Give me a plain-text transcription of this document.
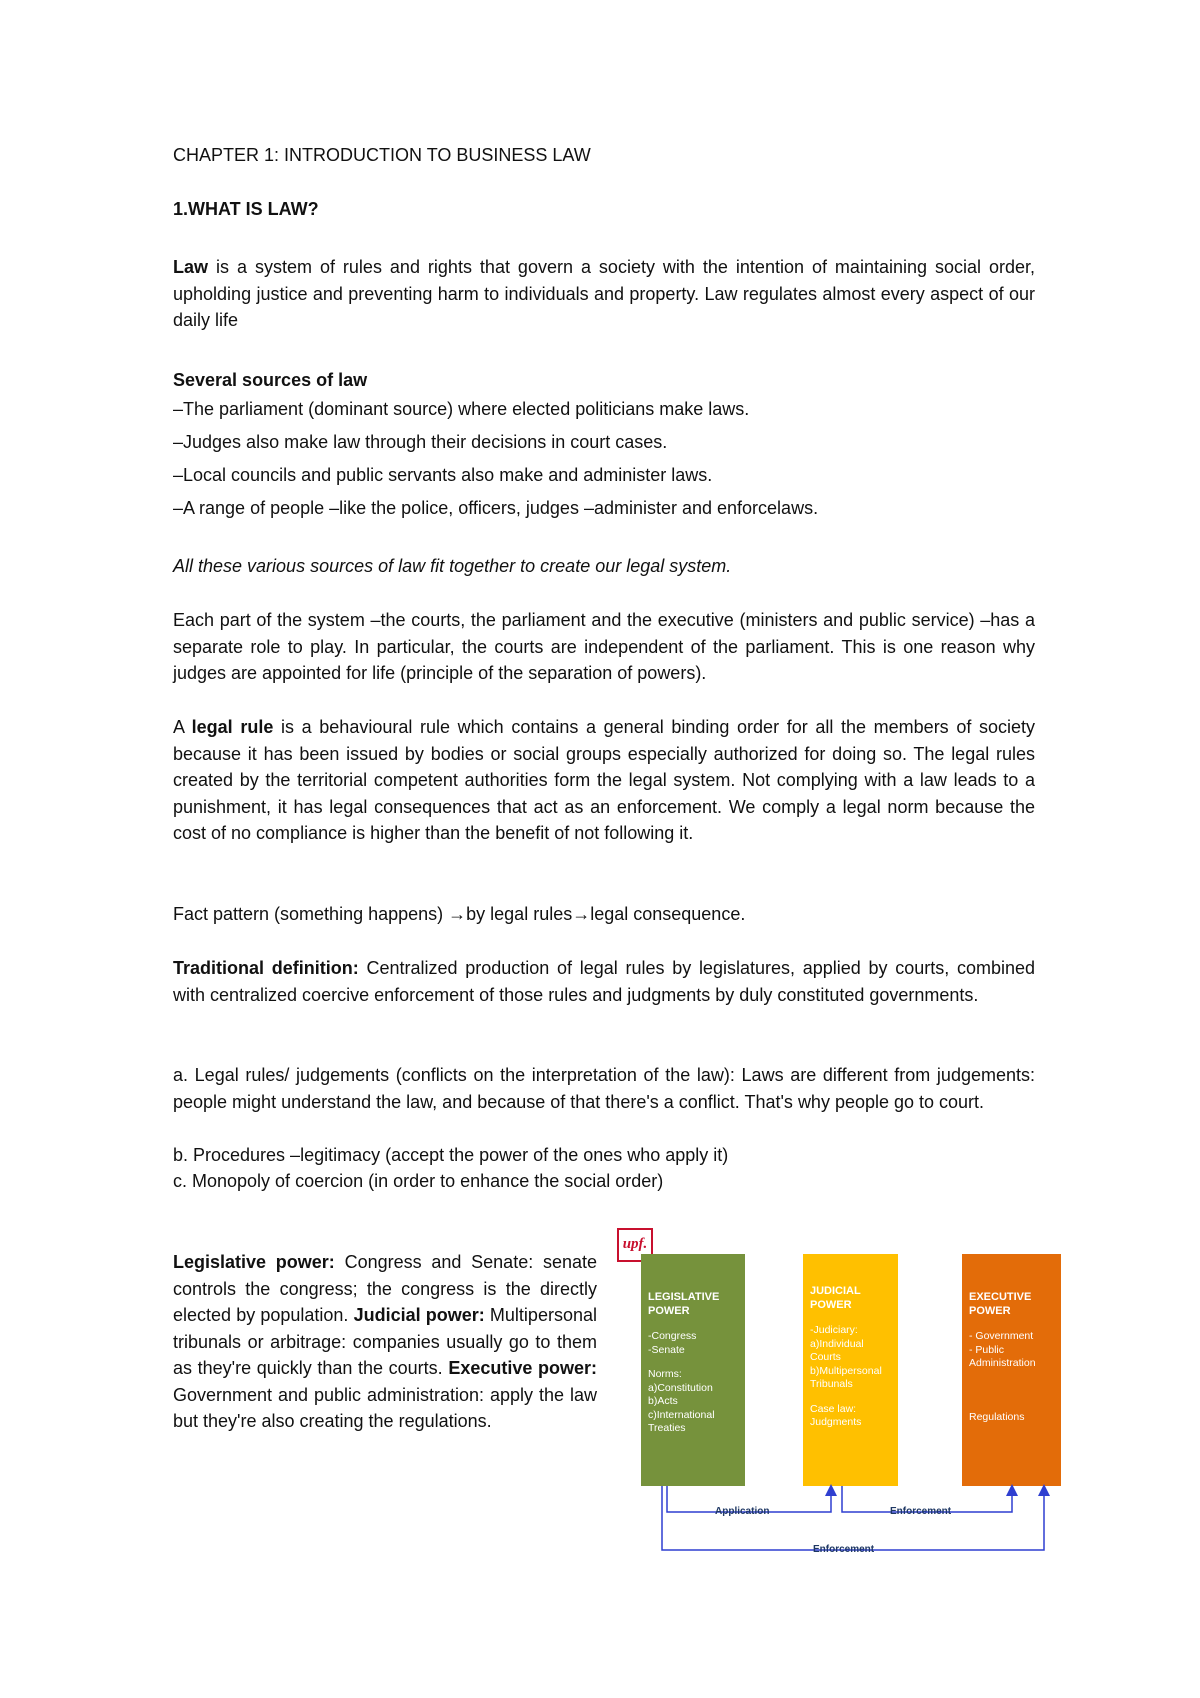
CHAPTER 1: INTRODUCTION TO BUSINESS LAW
1.WHAT IS LAW?
Law is a system of rules and rights that govern a society with the intention of maintaining social order, upholding justice and preventing harm to individuals and property. Law regulates almost every aspect of our daily life
Several sources of law
–The parliament (dominant source) where elected politicians make laws.
–Judges also make law through their decisions in court cases.
–Local councils and public servants also make and administer laws.
–A range of people –like the police, officers, judges –administer and enforcelaws.
All these various sources of law fit together to create our legal system.
Each part of the system –the courts, the parliament and the executive (ministers and public service) –has a separate role to play. In particular, the courts are independent of the parliament. This is one reason why judges are appointed for life (principle of the separation of powers).
A legal rule is a behavioural rule which contains a general binding order for all the members of society because it has been issued by bodies or social groups especially authorized for doing so. The legal rules created by the territorial competent authorities form the legal system. Not complying with a law leads to a punishment, it has legal consequences that act as an enforcement. We comply a legal norm because the cost of no compliance is higher than the benefit of not following it.
Fact pattern (something happens) →by legal rules→legal consequence.
Traditional definition: Centralized production of legal rules by legislatures, applied by courts, combined with centralized coercive enforcement of those rules and judgments by duly constituted governments.
a. Legal rules/ judgements (conflicts on the interpretation of the law): Laws are different from judgements: people might understand the law, and because of that there's a conflict. That's why people go to court.
b. Procedures –legitimacy (accept the power of the ones who apply it)
c. Monopoly of coercion (in order to enhance the social order)
Legislative power: Congress and Senate: senate controls the congress; the congress is the directly elected by population. Judicial power: Multipersonal tribunals or arbitrage: companies usually go to them as they're quickly than the courts. Executive power: Government and public administration: apply the law but they're also creating the regulations.
upf.
LEGISLATIVE POWER
-Congress
-Senate
Norms:
a)Constitution
b)Acts
c)International Treaties
JUDICIAL POWER
-Judiciary:
a)Individual Courts
b)Multipersonal Tribunals
Case law:
Judgments
EXECUTIVE POWER
- Government
- Public Administration
Regulations
Application	Enforcement
Enforcement
